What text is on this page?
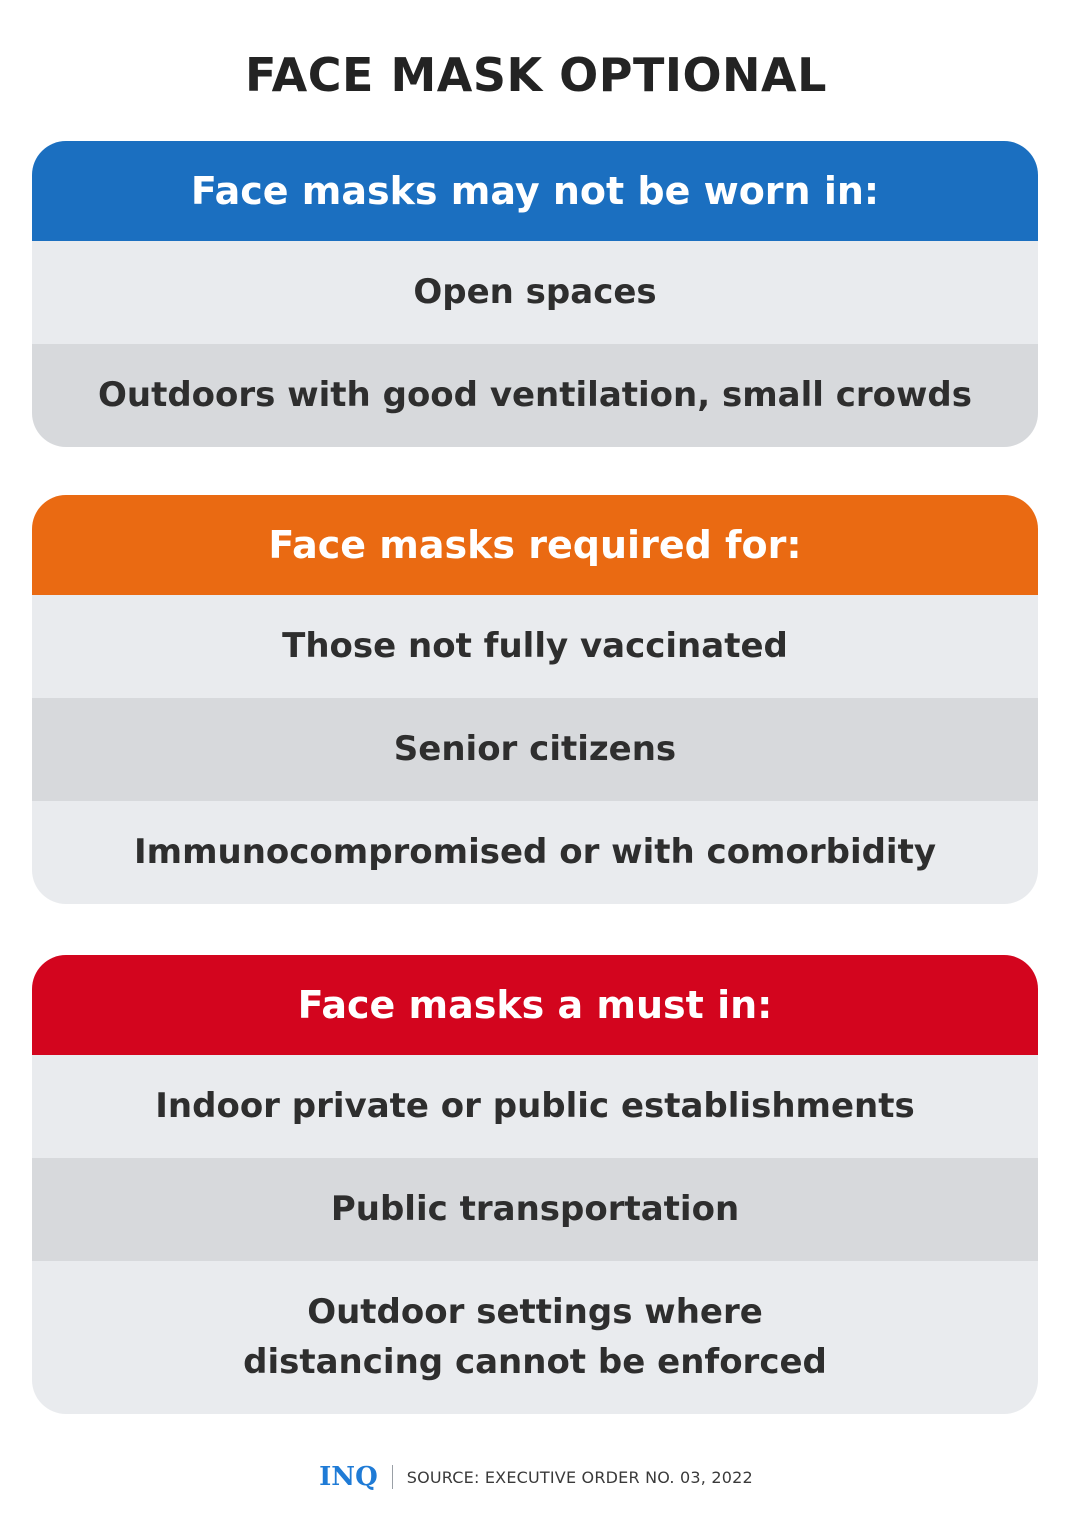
FACE MASK OPTIONAL
Face masks may not be worn in:
Open spaces
Outdoors with good ventilation, small crowds
Face masks required for:
Those not fully vaccinated
Senior citizens
Immunocompromised or with comorbidity
Face masks a must in:
Indoor private or public establishments
Public transportation
Outdoor settings where distancing cannot be enforced
INQ SOURCE: EXECUTIVE ORDER NO. 03, 2022
